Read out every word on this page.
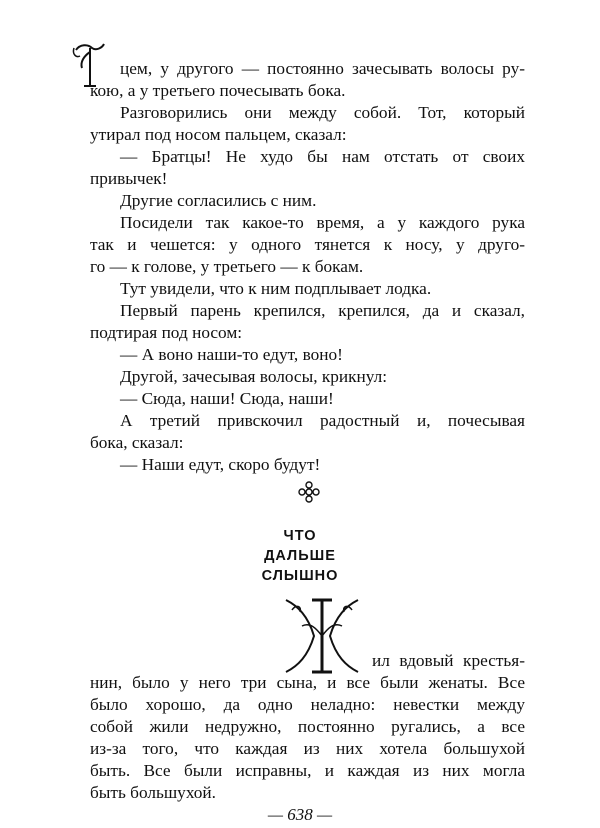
цем, у другого — постоянно зачесывать волосы ру-
кою, а у третьего почесывать бока.
Разговорились они между собой. Тот, который
утирал под носом пальцем, сказал:
— Братцы! Не худо бы нам отстать от своих
привычек!
Другие согласились с ним.
Посидели так какое-то время, а у каждого рука
так и чешется: у одного тянется к носу, у друго-
го — к голове, у третьего — к бокам.
Тут увидели, что к ним подплывает лодка.
Первый парень крепился, крепился, да и сказал,
подтирая под носом:
— А воно наши-то едут, воно!
Другой, зачесывая волосы, крикнул:
— Сюда, наши! Сюда, наши!
А третий привскочил радостный и, почесывая
бока, сказал:
— Наши едут, скоро будут!
ЧТО
ДАЛЬШЕ
СЛЫШНО
ил вдовый крестья-
нин, было у него три сына, и все были женаты. Все
было хорошо, да одно неладно: невестки между
собой жили недружно, постоянно ругались, а все
из-за того, что каждая из них хотела большухой
быть. Все были исправны, и каждая из них могла
быть большухой.
— 638 —
